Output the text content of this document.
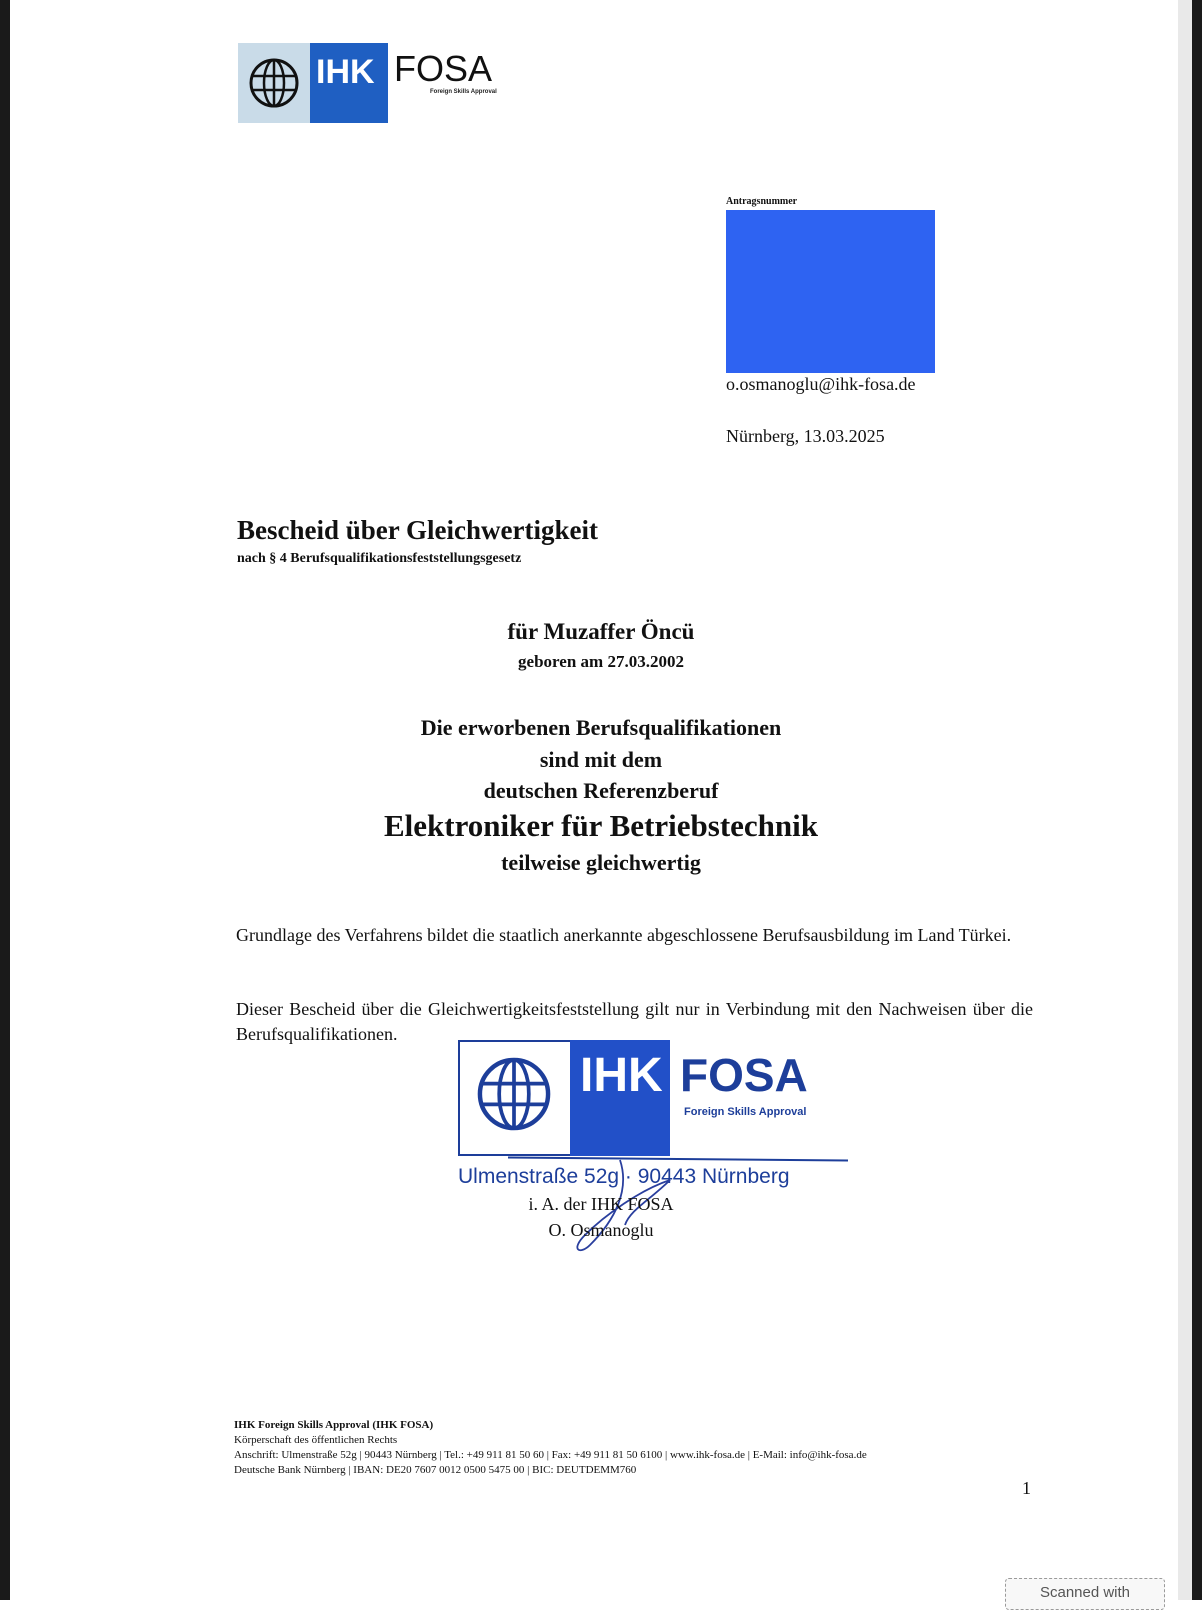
IHK FOSA
Foreign Skills Approval
Antragsnummer
o.osmanoglu@ihk-fosa.de
Nürnberg, 13.03.2025
Bescheid über Gleichwertigkeit
nach § 4 Berufsqualifikationsfeststellungsgesetz
für Muzaffer Öncü
geboren am 27.03.2002
Die erworbenen Berufsqualifikationen
sind mit dem
deutschen Referenzberuf
Elektroniker für Betriebstechnik
teilweise gleichwertig
Grundlage des Verfahrens bildet die staatlich anerkannte abgeschlossene Berufsausbildung im Land Türkei.
Dieser Bescheid über die Gleichwertigkeitsfeststellung gilt nur in Verbindung mit den Nachweisen über die Berufsqualifikationen.
IHK FOSA
Foreign Skills Approval
Ulmenstraße 52g · 90443 Nürnberg
i. A. der IHK FOSA
O. Osmanoglu
IHK Foreign Skills Approval (IHK FOSA)
Körperschaft des öffentlichen Rechts
Anschrift: Ulmenstraße 52g | 90443 Nürnberg | Tel.: +49 911 81 50 60 | Fax: +49 911 81 50 6100 | www.ihk-fosa.de | E-Mail: info@ihk-fosa.de
Deutsche Bank Nürnberg | IBAN: DE20 7607 0012 0500 5475 00 | BIC: DEUTDEMM760
1
Scanned with
